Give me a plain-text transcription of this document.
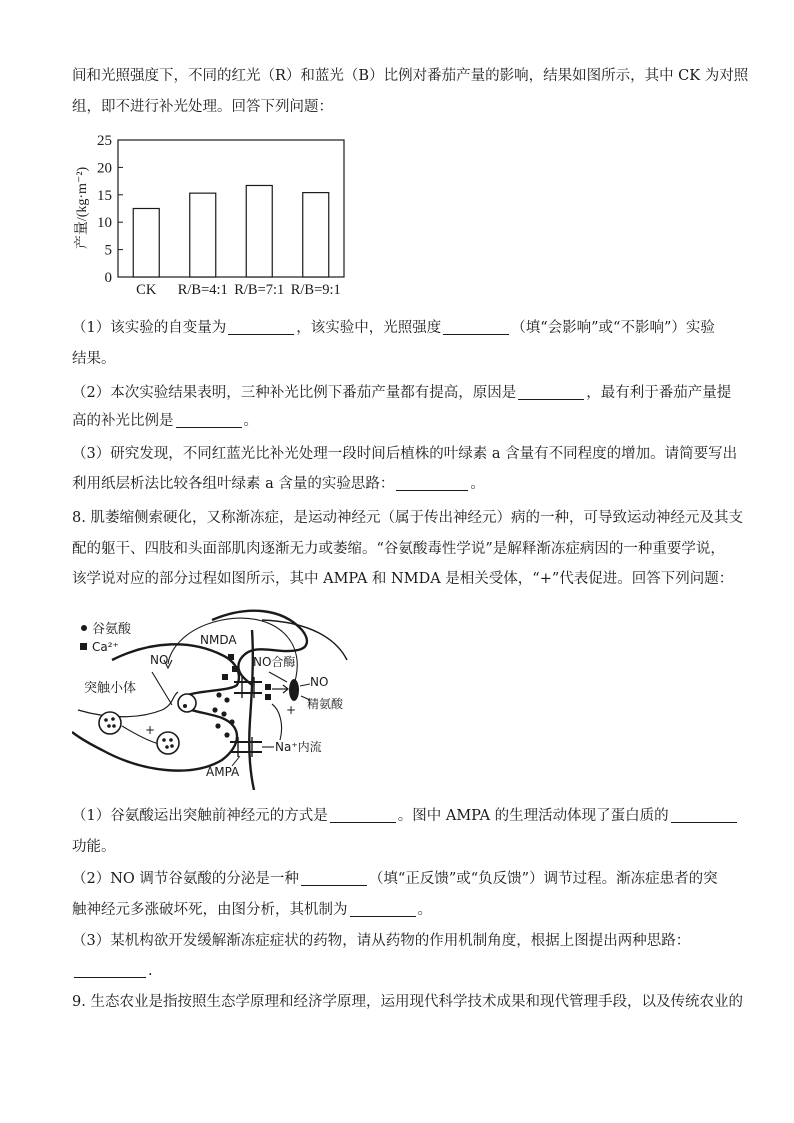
间和光照强度下，不同的红光（R）和蓝光（B）比例对番茄产量的影响，结果如图所示，其中 CK 为对照
组，即不进行补光处理。回答下列问题：
0
5
10
15
20
25
CK R/B=4:1 R/B=7:1 R/B=9:1
产量/(kg·m⁻²)
（1）该实验的自变量为	，该实验中，光照强度	（填“会影响”或“不影响”）实验
结果。
（2）本次实验结果表明，三种补光比例下番茄产量都有提高，原因是	，最有利于番茄产量提
高的补光比例是	。
（3）研究发现，不同红蓝光比补光处理一段时间后植株的叶绿素 a 含量有不同程度的增加。请简要写出
利用纸层析法比较各组叶绿素 a 含量的实验思路：	。
8. 肌萎缩侧索硬化，又称渐冻症，是运动神经元（属于传出神经元）病的一种，可导致运动神经元及其支
配的躯干、四肢和头面部肌肉逐渐无力或萎缩。“谷氨酸毒性学说”是解释渐冻症病因的一种重要学说，
该学说对应的部分过程如图所示，其中 AMPA 和 NMDA 是相关受体，“+”代表促进。回答下列问题：
谷氨酸
Ca²⁺
NO
+
突触小体
NMDA
NO合酶
NO
精氨酸
+
Na⁺内流
AMPA
（1）谷氨酸运出突触前神经元的方式是	。图中 AMPA 的生理活动体现了蛋白质的
功能。
（2）NO 调节谷氨酸的分泌是一种	（填“正反馈”或“负反馈”）调节过程。渐冻症患者的突
触神经元多涨破坏死，由图分析，其机制为	。
（3）某机构欲开发缓解渐冻症症状的药物，请从药物的作用机制角度，根据上图提出两种思路：
.
9. 生态农业是指按照生态学原理和经济学原理，运用现代科学技术成果和现代管理手段，以及传统农业的
